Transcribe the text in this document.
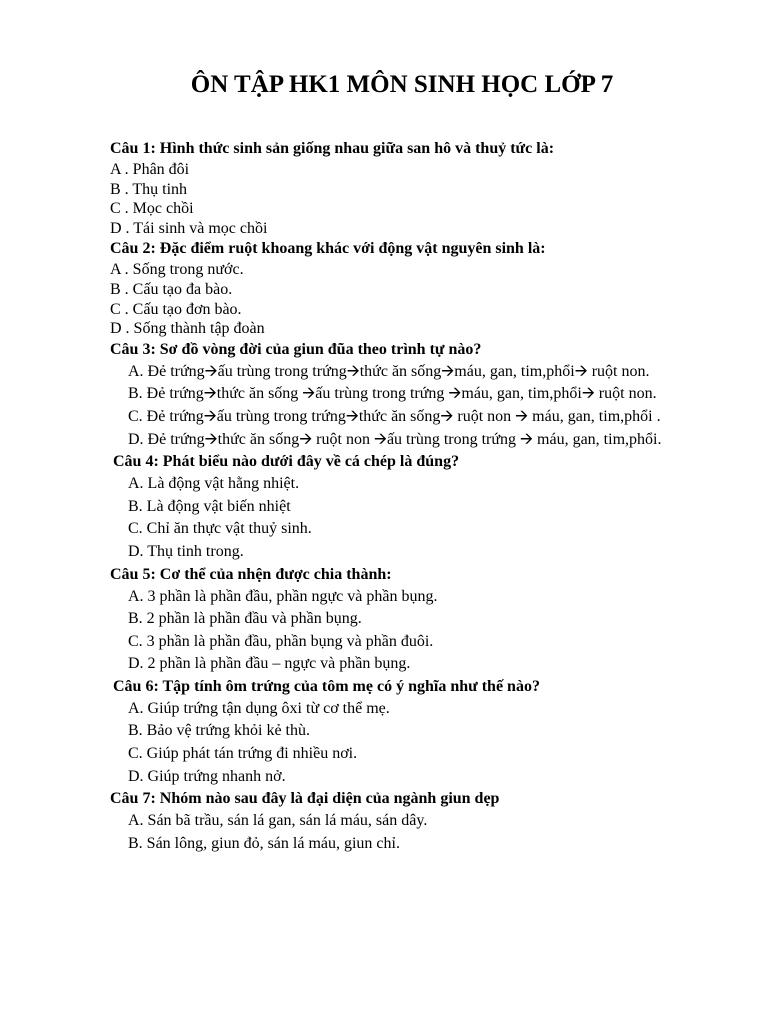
ÔN TẬP HK1 MÔN SINH HỌC LỚP 7
Câu 1: Hình thức sinh sản giống nhau giữa san hô và thuỷ tức là:
A . Phân đôi
B . Thụ tinh
C . Mọc chồi
D . Tái sinh và mọc chồi
Câu 2: Đặc điểm ruột khoang khác với động vật nguyên sinh là:
A . Sống trong nước.
B . Cấu tạo đa bào.
C . Cấu tạo đơn bào.
D . Sống thành tập đoàn
Câu 3: Sơ đồ vòng đời của giun đũa theo trình tự nào?
A. Đẻ trứng🡪ấu trùng trong trứng🡪thức ăn sống🡪máu, gan, tim,phổi🡪 ruột non.
B. Đẻ trứng🡪thức ăn sống 🡪ấu trùng trong trứng 🡪máu, gan, tim,phổi🡪 ruột non.
C. Đẻ trứng🡪ấu trùng trong trứng🡪thức ăn sống🡪 ruột non 🡪 máu, gan, tim,phổi .
D. Đẻ trứng🡪thức ăn sống🡪 ruột non 🡪ấu trùng trong trứng 🡪 máu, gan, tim,phổi.
Câu 4: Phát biểu nào dưới đây về cá chép là đúng?
A. Là động vật hằng nhiệt.
B. Là động vật biến nhiệt
C. Chỉ ăn thực vật thuỷ sinh.
D. Thụ tinh trong.
Câu 5: Cơ thể của nhện được chia thành:
A. 3 phần là phần đầu, phần ngực và phần bụng.
B. 2 phần là phần đầu và phần bụng.
C. 3 phần là phần đầu, phần bụng và phần đuôi.
D. 2 phần là phần đầu – ngực và phần bụng.
Câu 6: Tập tính ôm trứng của tôm mẹ có ý nghĩa như thế nào?
A. Giúp trứng tận dụng ôxi từ cơ thể mẹ.
B. Bảo vệ trứng khỏi kẻ thù.
C. Giúp phát tán trứng đi nhiều nơi.
D. Giúp trứng nhanh nở.
Câu 7: Nhóm nào sau đây là đại diện của ngành giun dẹp
A. Sán bã trầu, sán lá gan, sán lá máu, sán dây.
B. Sán lông, giun đỏ, sán lá máu, giun chỉ.
